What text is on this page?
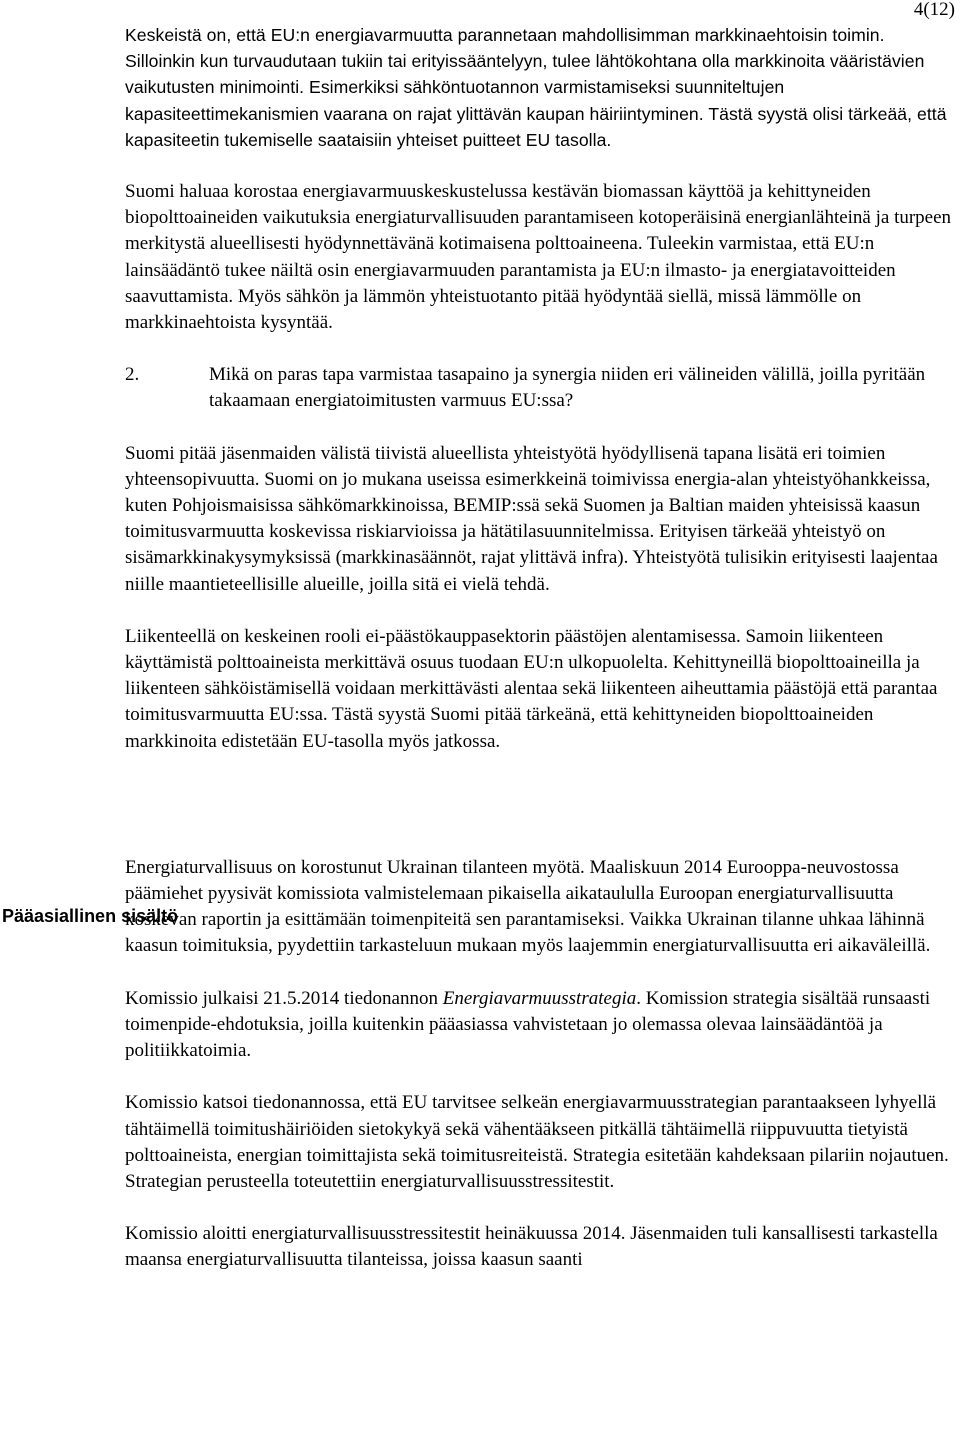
4(12)
Pääasiallinen sisältö

Keskeistä on, että EU:n energiavarmuutta parannetaan mahdollisimman markkinaehtoisin toimin. Silloinkin kun turvaudutaan tukiin tai erityissääntelyyn, tulee lähtökohtana olla markkinoita vääristävien vaikutusten minimointi. Esimerkiksi sähköntuotannon varmistamiseksi suunniteltujen kapasiteettimekanismien vaarana on rajat ylittävän kaupan häiriintyminen. Tästä syystä olisi tärkeää, että kapasiteetin tukemiselle saataisiin yhteiset puitteet EU tasolla.

Suomi haluaa korostaa energiavarmuuskeskustelussa kestävän biomassan käyttöä ja kehittyneiden biopolttoaineiden vaikutuksia energiaturvallisuuden parantamiseen kotoperäisinä energianlähteinä ja turpeen merkitystä alueellisesti hyödynnettävänä kotimaisena polttoaineena. Tuleekin varmistaa, että EU:n lainsäädäntö tukee näiltä osin energiavarmuuden parantamista ja EU:n ilmasto- ja energiatavoitteiden saavuttamista. Myös sähkön ja lämmön yhteistuotanto pitää hyödyntää siellä, missä lämmölle on markkinaehtoista kysyntää.

2.	Mikä on paras tapa varmistaa tasapaino ja synergia niiden eri välineiden välillä, joilla pyritään takaamaan energiatoimitusten varmuus EU:ssa?

Suomi pitää jäsenmaiden välistä tiivistä alueellista yhteistyötä hyödyllisenä tapana lisätä eri toimien yhteensopivuutta. Suomi on jo mukana useissa esimerkkeinä toimivissa energia-alan yhteistyöhankkeissa, kuten Pohjoismaisissa sähkömarkkinoissa, BEMIP:ssä sekä Suomen ja Baltian maiden yhteisissä kaasun toimitusvarmuutta koskevissa riskiarvioissa ja hätätilasuunnitelmissa. Erityisen tärkeää yhteistyö on sisämarkkinakysymyksissä (markkinasäännöt, rajat ylittävä infra). Yhteistyötä tulisikin erityisesti laajentaa niille maantieteellisille alueille, joilla sitä ei vielä tehdä.

Liikenteellä on keskeinen rooli ei-päästökauppasektorin päästöjen alentamisessa. Samoin liikenteen käyttämistä polttoaineista merkittävä osuus tuodaan EU:n ulkopuolelta. Kehittyneillä biopolttoaineilla ja liikenteen sähköistämisellä voidaan merkittävästi alentaa sekä liikenteen aiheuttamia päästöjä että parantaa toimitusvarmuutta EU:ssa. Tästä syystä Suomi pitää tärkeänä, että kehittyneiden biopolttoaineiden markkinoita edistetään EU-tasolla myös jatkossa.

Energiaturvallisuus on korostunut Ukrainan tilanteen myötä. Maaliskuun 2014 Eurooppa-neuvostossa päämiehet pyysivät komissiota valmistelemaan pikaisella aikataululla Euroopan energiaturvallisuutta koskevan raportin ja esittämään toimenpiteitä sen parantamiseksi. Vaikka Ukrainan tilanne uhkaa lähinnä kaasun toimituksia, pyydettiin tarkasteluun mukaan myös laajemmin energiaturvallisuutta eri aikaväleillä.

Komissio julkaisi 21.5.2014 tiedonannon Energiavarmuusstrategia. Komission strategia sisältää runsaasti toimenpide-ehdotuksia, joilla kuitenkin pääasiassa vahvistetaan jo olemassa olevaa lainsäädäntöä ja politiikkatoimia.

Komissio katsoi tiedonannossa, että EU tarvitsee selkeän energiavarmuusstrategian parantaakseen lyhyellä tähtäimellä toimitushäiriöiden sietokykyä sekä vähentääkseen pitkällä tähtäimellä riippuvuutta tietyistä polttoaineista, energian toimittajista sekä toimitusreiteistä. Strategia esitetään kahdeksaan pilariin nojautuen. Strategian perusteella toteutettiin energiaturvallisuusstressitestit.

Komissio aloitti energiaturvallisuusstressitestit heinäkuussa 2014. Jäsenmaiden tuli kansallisesti tarkastella maansa energiaturvallisuutta tilanteissa, joissa kaasun saanti
